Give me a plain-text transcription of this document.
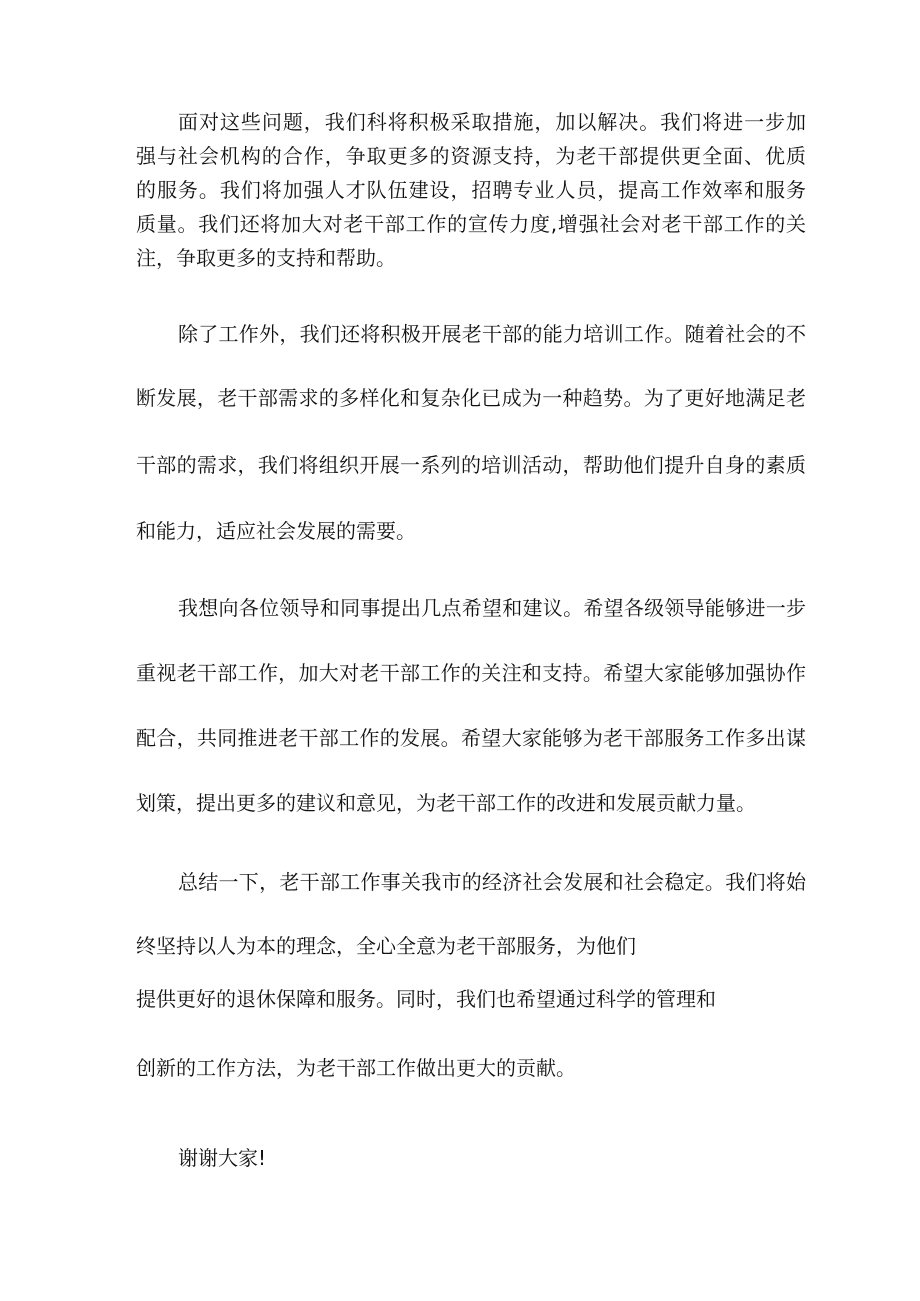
面对这些问题，我们科将积极采取措施，加以解决。我们将进一步加
强与社会机构的合作，争取更多的资源支持，为老干部提供更全面、优质
的服务。我们将加强人才队伍建设，招聘专业人员，提高工作效率和服务
质量。我们还将加大对老干部工作的宣传力度,增强社会对老干部工作的关
注，争取更多的支持和帮助。
除了工作外，我们还将积极开展老干部的能力培训工作。随着社会的不
断发展，老干部需求的多样化和复杂化已成为一种趋势。为了更好地满足老
干部的需求，我们将组织开展一系列的培训活动，帮助他们提升自身的素质
和能力，适应社会发展的需要。
我想向各位领导和同事提出几点希望和建议。希望各级领导能够进一步
重视老干部工作，加大对老干部工作的关注和支持。希望大家能够加强协作
配合，共同推进老干部工作的发展。希望大家能够为老干部服务工作多出谋
划策，提出更多的建议和意见，为老干部工作的改进和发展贡献力量。
总结一下，老干部工作事关我市的经济社会发展和社会稳定。我们将始
终坚持以人为本的理念，全心全意为老干部服务，为他们
提供更好的退休保障和服务。同时，我们也希望通过科学的管理和
创新的工作方法，为老干部工作做出更大的贡献。
谢谢大家!
